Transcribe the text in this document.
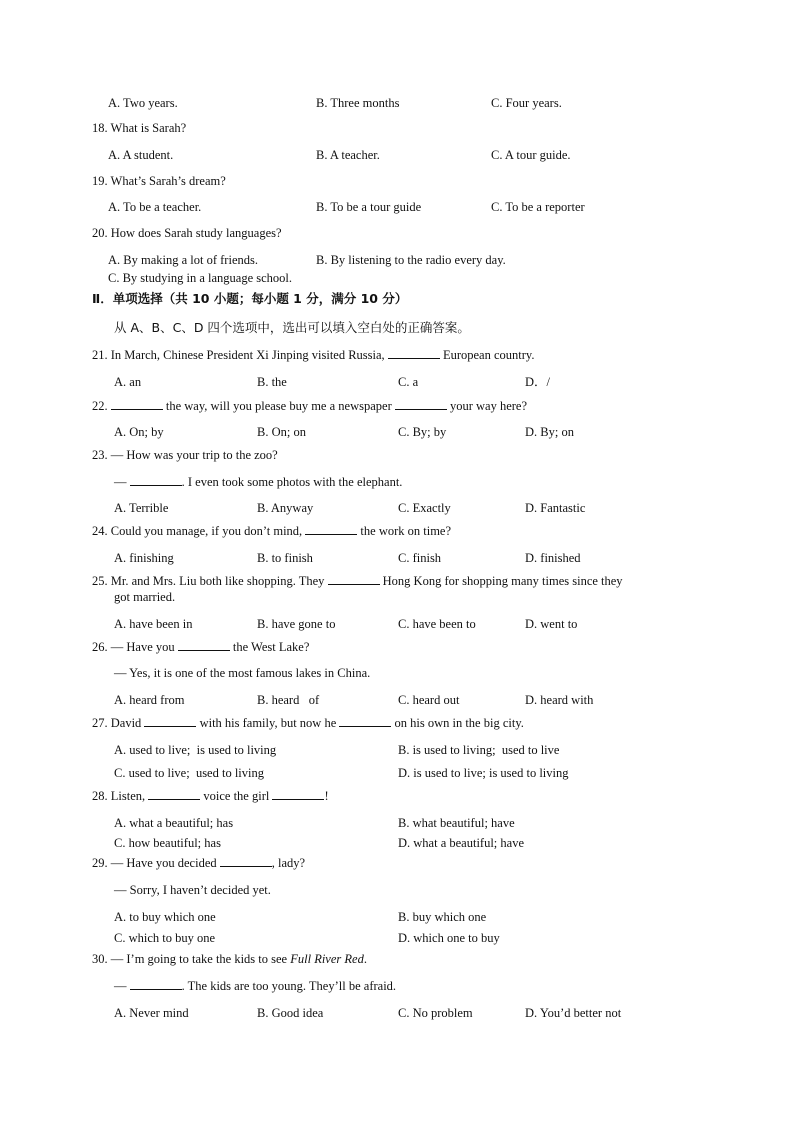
A. Two years.	B. Three months	C. Four years.
18. What is Sarah?
A. A student.	B. A teacher.	C. A tour guide.
19. What’s Sarah’s dream?
A. To be a teacher.	B. To be a tour guide	C. To be a reporter
20. How does Sarah study languages?
A. By making a lot of friends.	B. By listening to the radio every day.
C. By studying in a language school.
Ⅱ．单项选择（共 10 小题；每小题 1 分，满分 10 分）
从 A、B、C、D 四个选项中，选出可以填入空白处的正确答案。
21. In March, Chinese President Xi Jinping visited Russia,	European country.
A. an	B. the	C. a	D．/
22.	the way, will you please buy me a newspaper	your way here?
A. On; by	B. On; on	C. By; by	D. By; on
23. — How was your trip to the zoo?
—	. I even took some photos with the elephant.
A. Terrible	B. Anyway	C. Exactly	D. Fantastic
24. Could you manage, if you don’t mind,	the work on time?
A. finishing	B. to finish	C. finish	D. finished
25. Mr. and Mrs. Liu both like shopping. They	Hong Kong for shopping many times since they
got married.
A. have been in	B. have gone to	C. have been to	D. went to
26. — Have you	the West Lake?
— Yes, it is one of the most famous lakes in China.
A. heard from	B. heard   of	C. heard out	D. heard with
27. David	with his family, but now he	on his own in the big city.
A. used to live;  is used to living	B. is used to living;  used to live
C. used to live;  used to living	D. is used to live; is used to living
28. Listen,	voice the girl	!
A. what a beautiful; has	B. what beautiful; have
C. how beautiful; has	D. what a beautiful; have
29. — Have you decided	, lady?
— Sorry, I haven’t decided yet.
A. to buy which one	B. buy which one
C. which to buy one	D. which one to buy
30. — I’m going to take the kids to see Full River Red.
—	. The kids are too young. They’ll be afraid.
A. Never mind	B. Good idea	C. No problem	D. You’d better not
